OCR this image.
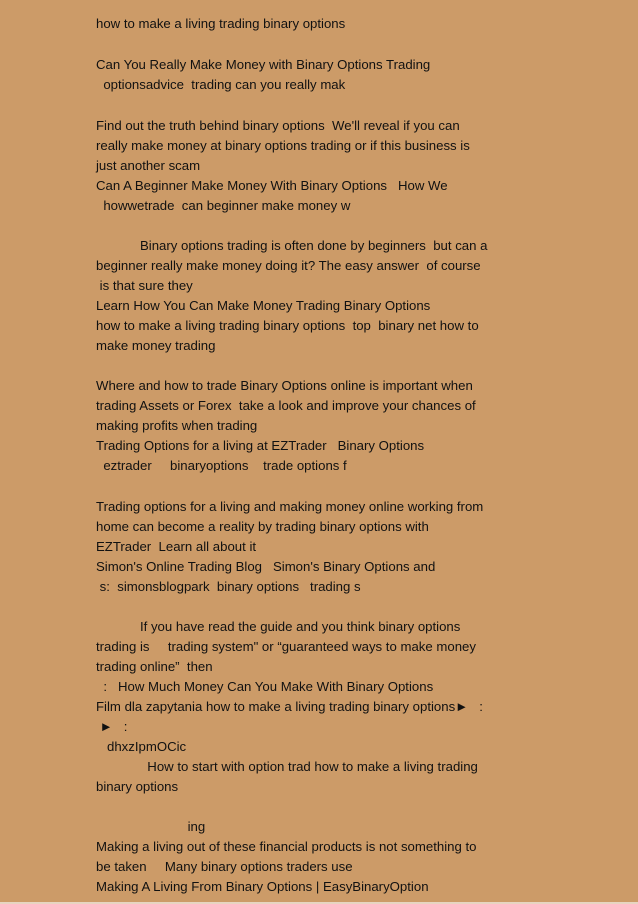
how to make a living trading binary options
Can You Really Make Money with Binary Options Trading
optionsadvice  trading can you really mak
Find out the truth behind binary options  We'll reveal if you can
really make money at binary options trading or if this business is
just another scam
Can A Beginner Make Money With Binary Options   How We
howwetrade  can beginner make money w
Binary options trading is often done by beginners  but can a
beginner really make money doing it? The easy answer  of course
is that sure they
Learn How You Can Make Money Trading Binary Options
how to make a living trading binary options  top  binary net how to
make money trading
Where and how to trade Binary Options online is important when
trading Assets or Forex  take a look and improve your chances of
making profits when trading
Trading Options for a living at EZTrader   Binary Options
eztrader     binaryoptions    trade options f
Trading options for a living and making money online working from
home can become a reality by trading binary options with
EZTrader  Learn all about it
Simon's Online Trading Blog   Simon's Binary Options and
s:  simonsblogpark  binary options   trading s
If you have read the guide and you think binary options
trading is     trading system" or “guaranteed ways to make money
trading online”  then
:   How Much Money Can You Make With Binary Options
Film dla zapytania how to make a living trading binary options►   :
►   :
dhxzIpmOCic
How to start with option trad how to make a living trading
binary options
ing
Making a living out of these financial products is not something to
be taken     Many binary options traders use
Making A Living From Binary Options | EasyBinaryOption
